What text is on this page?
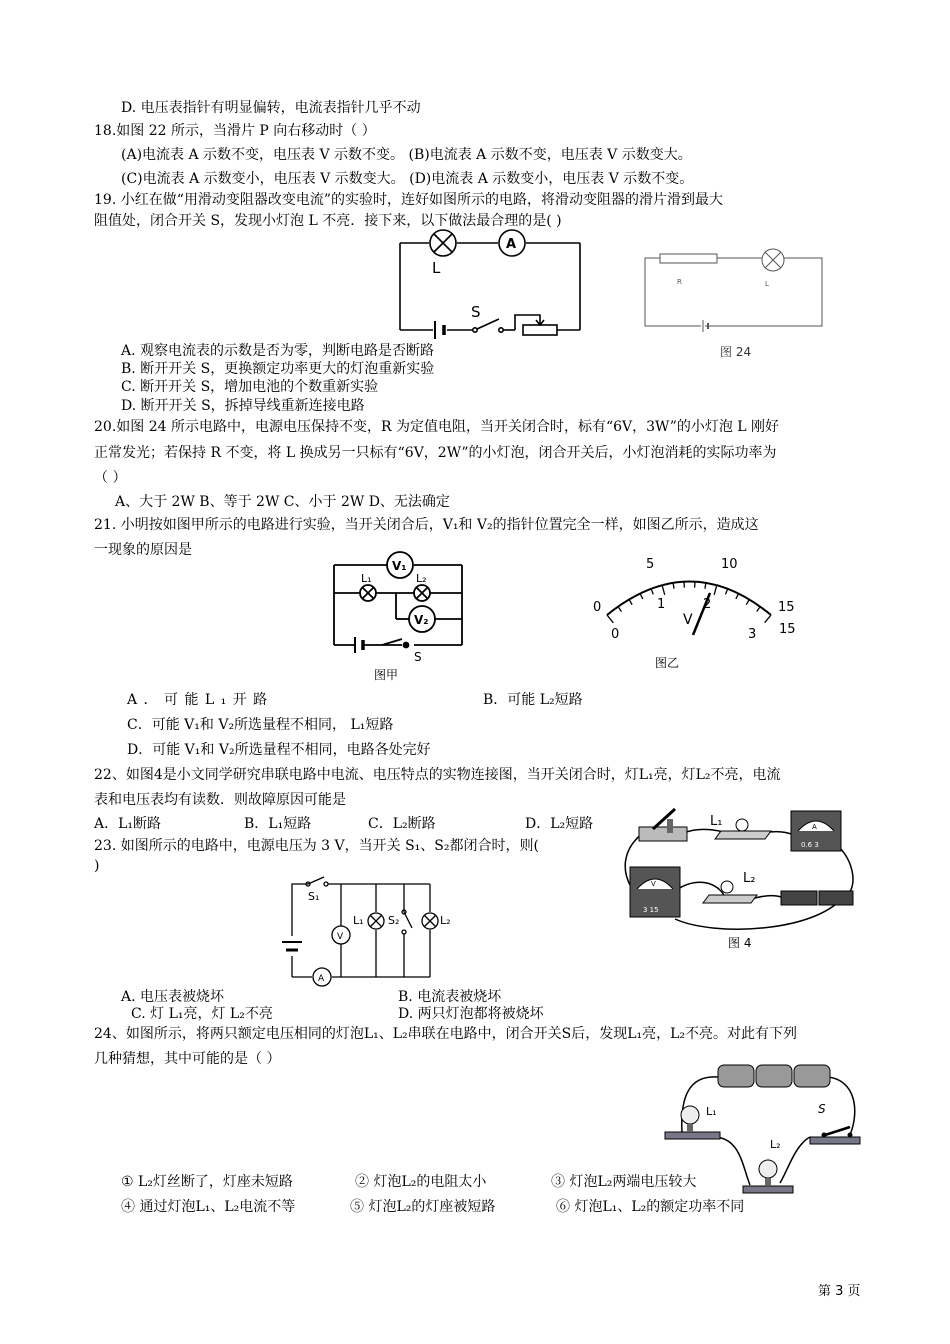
D. 电压表指针有明显偏转，电流表指针几乎不动
18.如图 22 所示，当滑片 P 向右移动时（ ）
(A)电流表 A 示数不变，电压表 V 示数不变。 (B)电流表 A 示数不变，电压表 V 示数变大。
(C)电流表 A 示数变小，电压表 V 示数变大。 (D)电流表 A 示数变小，电压表 V 示数不变。
19. 小红在做“用滑动变阻器改变电流”的实验时，连好如图所示的电路，将滑动变阻器的滑片滑到最大
阻值处，闭合开关 S，发现小灯泡 L 不亮．接下来，以下做法最合理的是( )
A. 观察电流表的示数是否为零，判断电路是否断路
B. 断开开关 S，更换额定功率更大的灯泡重新实验
C. 断开开关 S，增加电池的个数重新实验
D. 断开开关 S，拆掉导线重新连接电路
20.如图 24 所示电路中，电源电压保持不变，R 为定值电阻，当开关闭合时，标有“6V，3W”的小灯泡 L 刚好
正常发光；若保持 R 不变，将 L 换成另一只标有“6V，2W”的小灯泡，闭合开关后，小灯泡消耗的实际功率为
（ ）
A、大于 2W B、等于 2W C、小于 2W D、无法确定
21. 小明按如图甲所示的电路进行实验，当开关闭合后，V₁和 V₂的指针位置完全一样，如图乙所示，造成这
一现象的原因是
A ． 可 能 L ₁ 开 路	B．可能 L₂短路
C．可能 V₁和 V₂所选量程不相同， L₁短路
D．可能 V₁和 V₂所选量程不相同，电路各处完好
22、如图4是小文同学研究串联电路中电流、电压特点的实物连接图，当开关闭合时，灯L₁亮，灯L₂不亮，电流
表和电压表均有读数．则故障原因可能是
A．L₁断路	B．L₁短路	C．L₂断路	D．L₂短路
23. 如图所示的电路中，电源电压为 3 V，当开关 S₁、S₂都闭合时，则(
)
A. 电压表被烧坏	B. 电流表被烧坏
C. 灯 L₁亮，灯 L₂不亮	D. 两只灯泡都将被烧坏
24、如图所示，将两只额定电压相同的灯泡L₁、L₂串联在电路中，闭合开关S后，发现L₁亮，L₂不亮。对此有下列
几种猜想，其中可能的是（ ）
① L₂灯丝断了，灯座未短路	② 灯泡L₂的电阻太小	③ 灯泡L₂两端电压较大
④ 通过灯泡L₁、L₂电流不等	⑤ 灯泡L₂的灯座被短路	⑥ 灯泡L₁、L₂的额定功率不同
第 3 页
L
A
S
R	L
图 24
V₁
L₁	L₂
V₂
S
图甲
5	10
0	1	2	15
0
V
3 15
图乙
L₁	A
0.6 3
V
3 15
L₂
图 4
S₁
S₂
L₁	L₂
V
A
L₁
L₂
S
